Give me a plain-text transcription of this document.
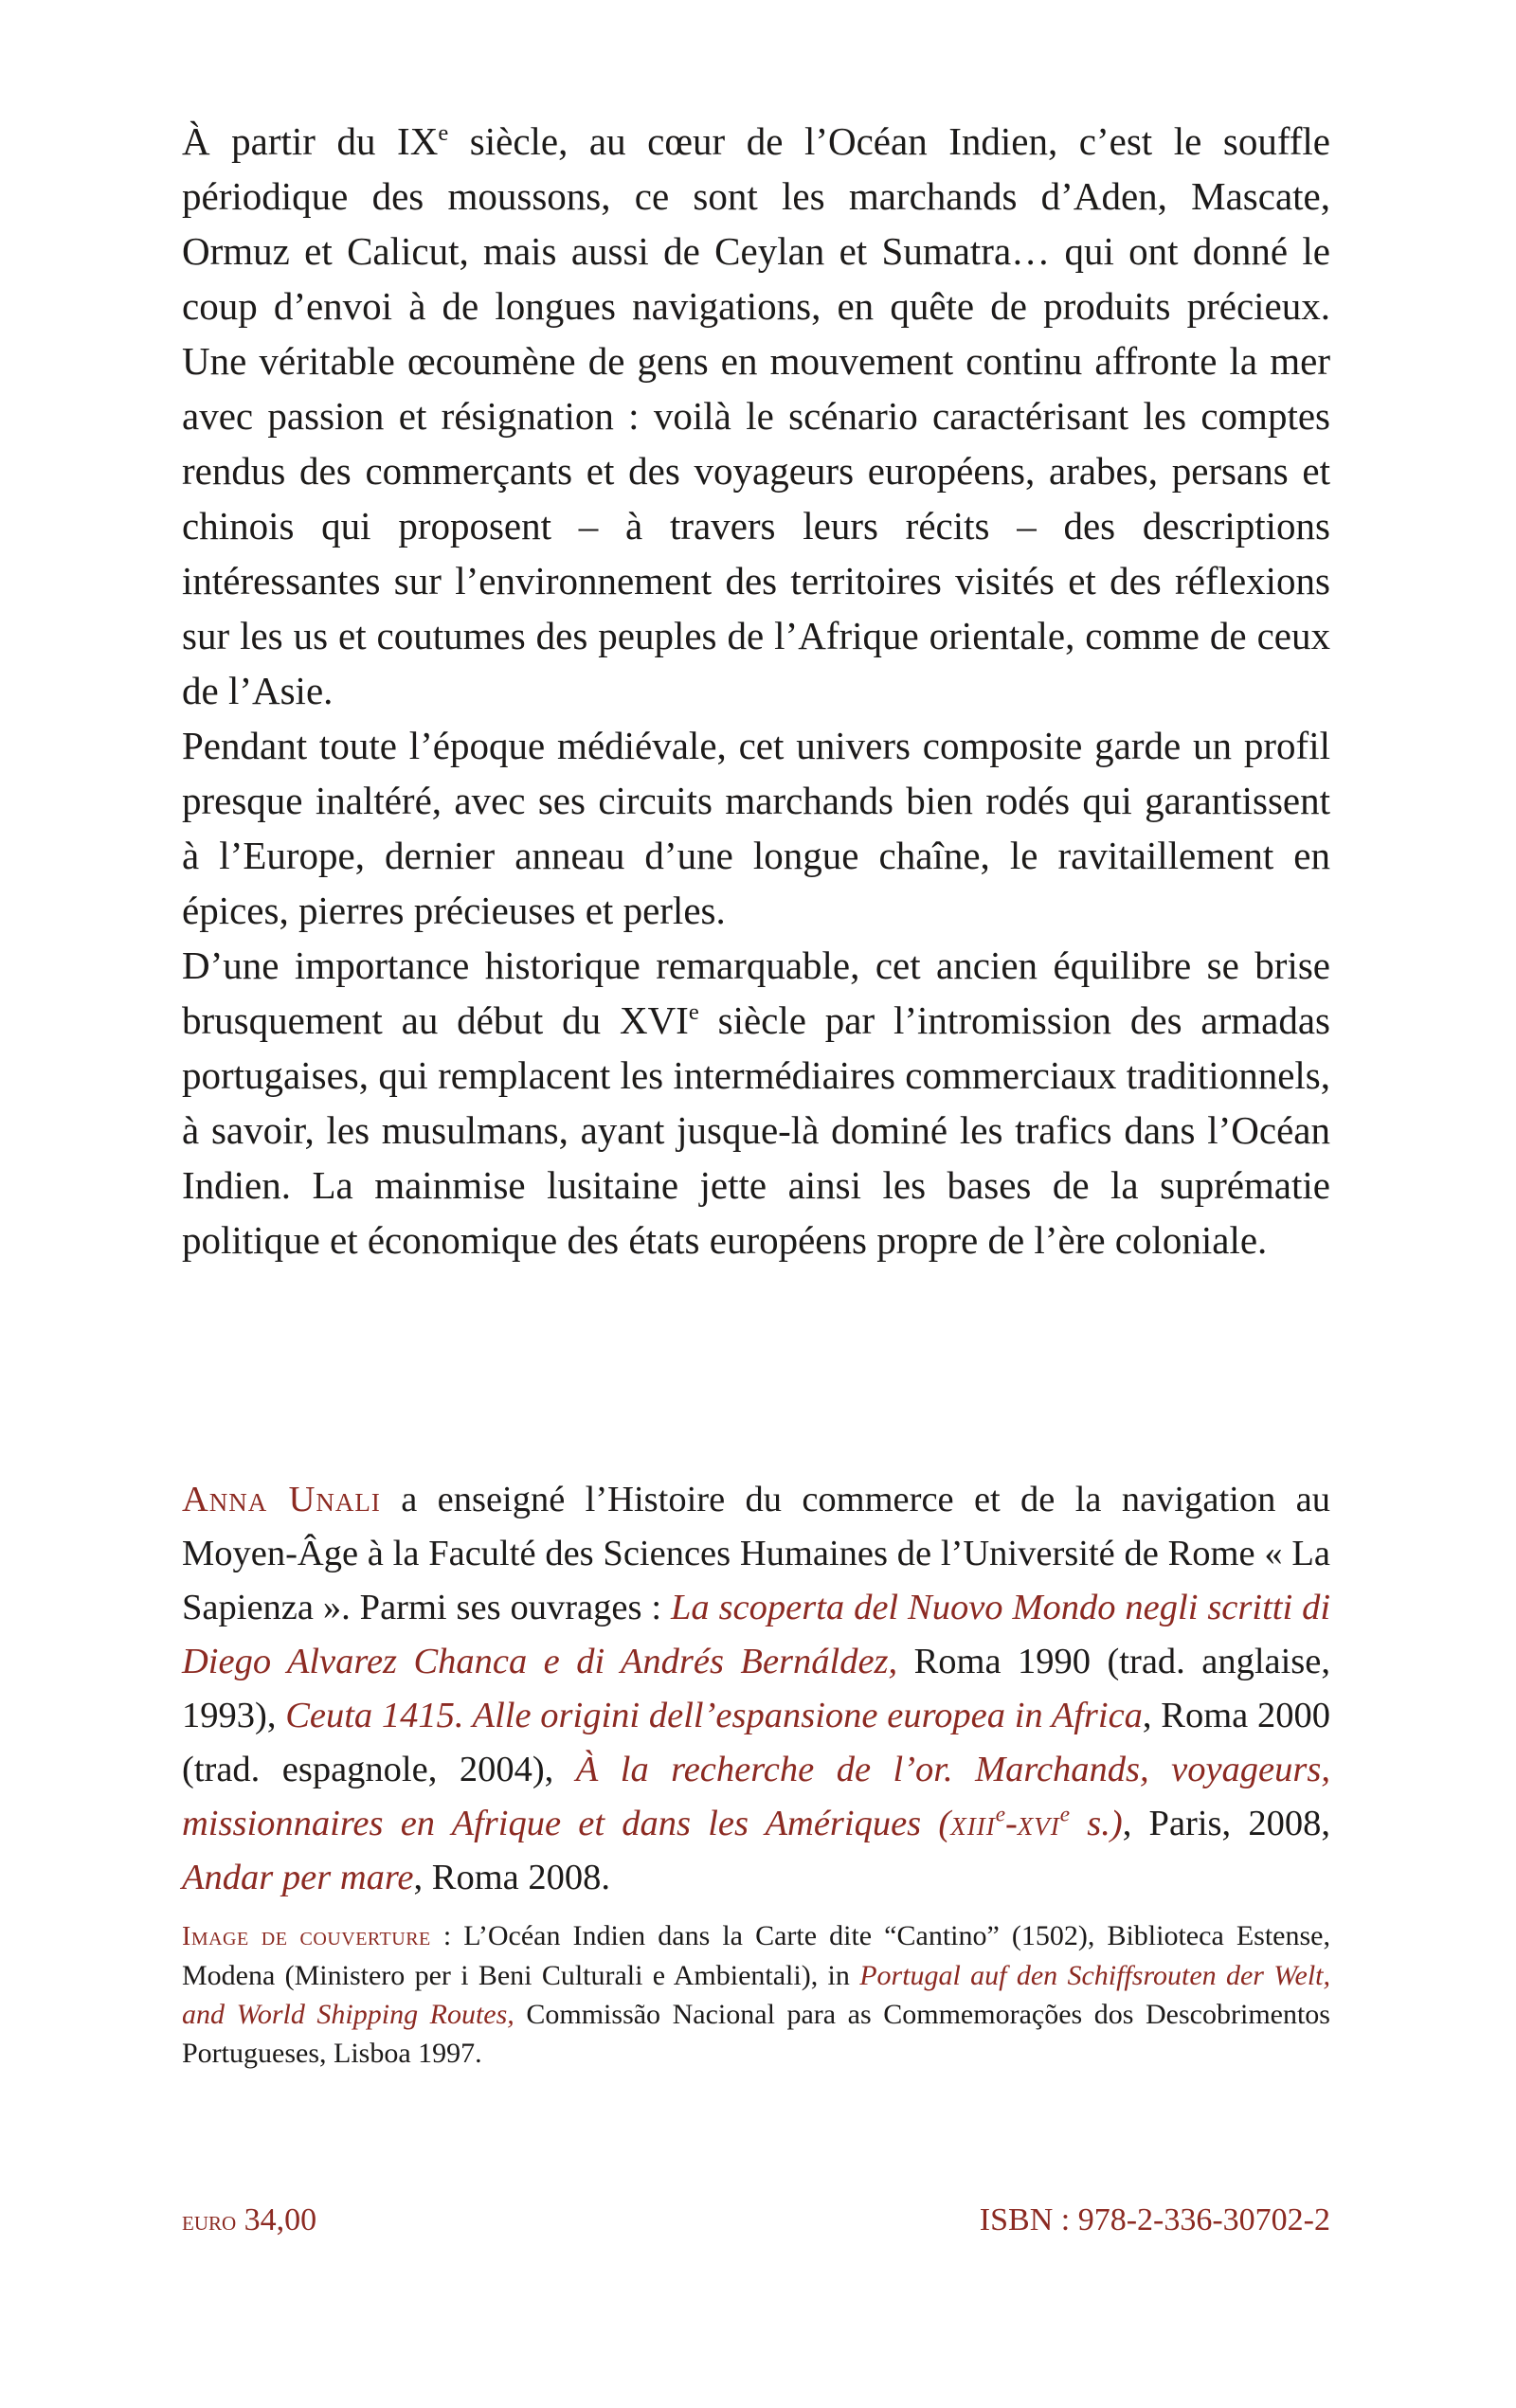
À partir du IXe siècle, au cœur de l’Océan Indien, c’est le souffle périodique des moussons, ce sont les marchands d’Aden, Mascate, Ormuz et Calicut, mais aussi de Ceylan et Sumatra… qui ont donné le coup d’envoi à de longues navigations, en quête de produits précieux. Une véritable œcoumène de gens en mouvement continu affronte la mer avec passion et résignation : voilà le scénario caractérisant les comptes rendus des commerçants et des voyageurs européens, arabes, persans et chinois qui proposent – à travers leurs récits – des descriptions intéressantes sur l’environnement des territoires visités et des réflexions sur les us et coutumes des peuples de l’Afrique orientale, comme de ceux de l’Asie.

Pendant toute l’époque médiévale, cet univers composite garde un profil presque inaltéré, avec ses circuits marchands bien rodés qui garantissent à l’Europe, dernier anneau d’une longue chaîne, le ravitaillement en épices, pierres précieuses et perles.

D’une importance historique remarquable, cet ancien équilibre se brise brusquement au début du XVIe siècle par l’intromission des armadas portugaises, qui remplacent les intermédiaires commerciaux traditionnels, à savoir, les musulmans, ayant jusque-là dominé les trafics dans l’Océan Indien. La mainmise lusitaine jette ainsi les bases de la suprématie politique et économique des états européens propre de l’ère coloniale.

Anna Unali a enseigné l’Histoire du commerce et de la navigation au Moyen-Âge à la Faculté des Sciences Humaines de l’Université de Rome « La Sapienza ». Parmi ses ouvrages : La scoperta del Nuovo Mondo negli scritti di Diego Alvarez Chanca e di Andrés Bernáldez, Roma 1990 (trad. anglaise, 1993), Ceuta 1415. Alle origini dell’espansione europea in Africa, Roma 2000 (trad. espagnole, 2004), À la recherche de l’or. Marchands, voyageurs, missionnaires en Afrique et dans les Amériques (xiii$^e$-xvi$^e$ s.), Paris, 2008, Andar per mare, Roma 2008.

Image de couverture : L’Océan Indien dans la Carte dite “Cantino” (1502), Biblioteca Estense, Modena (Ministero per i Beni Culturali e Ambientali), in Portugal auf den Schiffsrouten der Welt, and World Shipping Routes, Commissão Nacional para as Commemorações dos Descobrimentos Portugueses, Lisboa 1997.

euro 34,00	ISBN : 978-2-336-30702-2
